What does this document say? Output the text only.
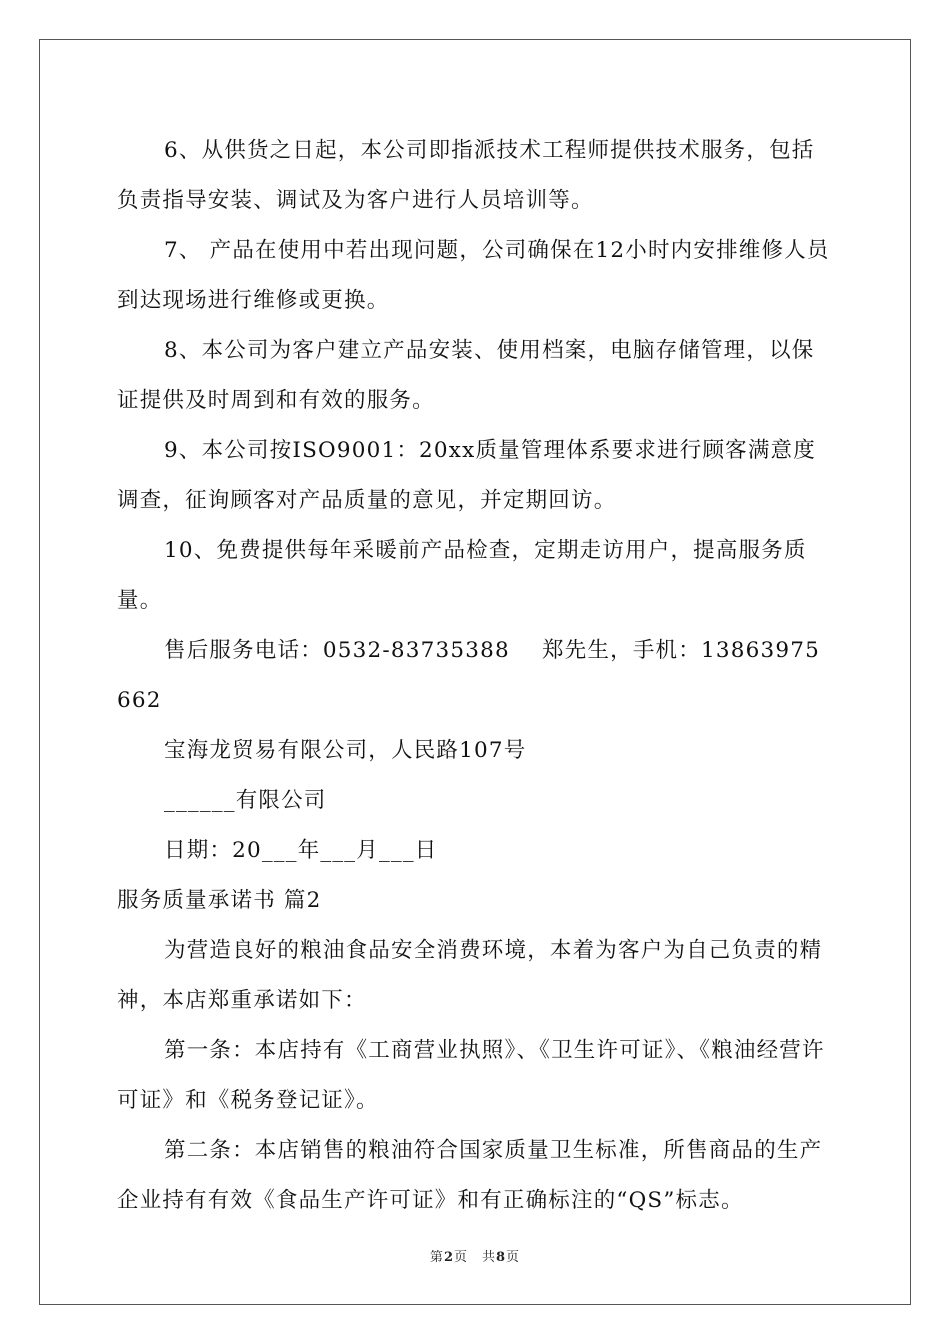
6、从供货之日起，本公司即指派技术工程师提供技术服务，包括负责指导安装、调试及为客户进行人员培训等。

7、 产品在使用中若出现问题，公司确保在12小时内安排维修人员到达现场进行维修或更换。

8、本公司为客户建立产品安装、使用档案，电脑存储管理，以保证提供及时周到和有效的服务。

9、本公司按ISO9001：20xx质量管理体系要求进行顾客满意度调查，征询顾客对产品质量的意见，并定期回访。

10、免费提供每年采暖前产品检查，定期走访用户，提高服务质量。

售后服务电话：0532-83735388    郑先生，手机：13863975662

宝海龙贸易有限公司，人民路107号

______有限公司

日期：20___年___月___日

服务质量承诺书 篇2

为营造良好的粮油食品安全消费环境，本着为客户为自己负责的精神，本店郑重承诺如下：

第一条：本店持有《工商营业执照》、《卫生许可证》、《粮油经营许可证》和《税务登记证》。

第二条：本店销售的粮油符合国家质量卫生标准，所售商品的生产企业持有有效《食品生产许可证》和有正确标注的“QS”标志。

第2页　共8页
